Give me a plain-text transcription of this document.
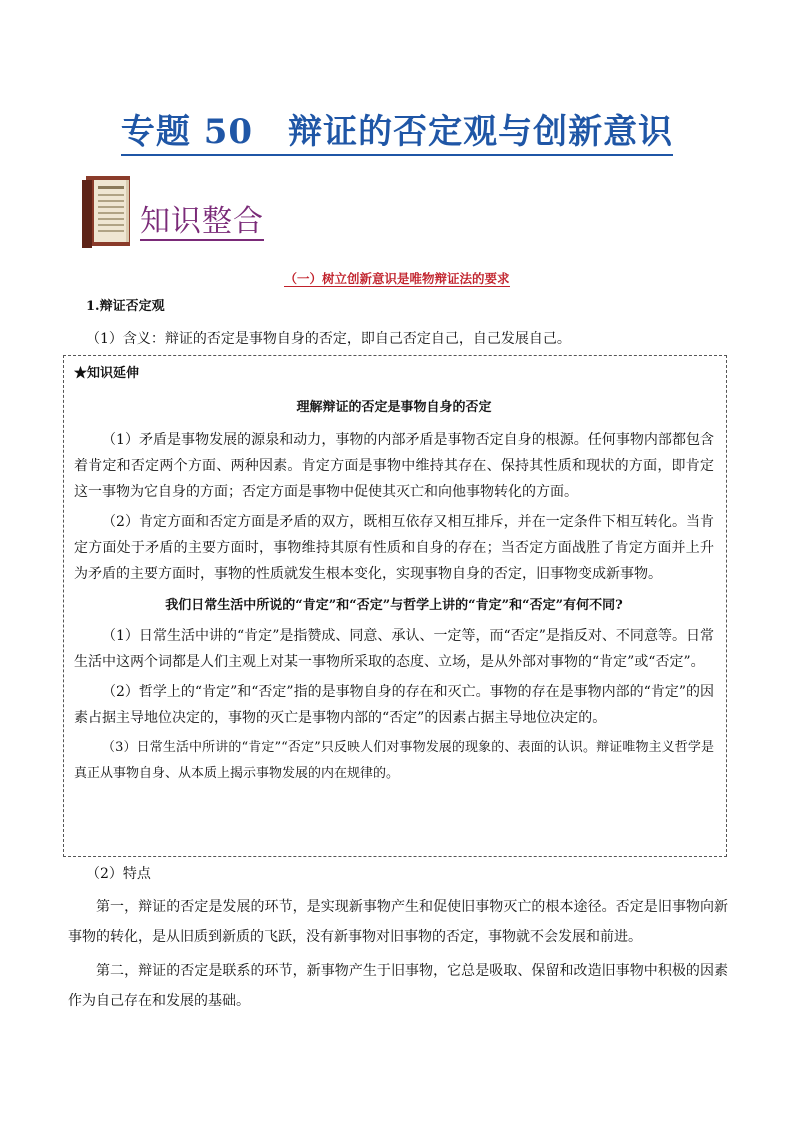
专题 50　辩证的否定观与创新意识
知识整合
（一）树立创新意识是唯物辩证法的要求
1.辩证否定观
（1）含义：辩证的否定是事物自身的否定，即自己否定自己，自己发展自己。

★知识延伸

理解辩证的否定是事物自身的否定

（1）矛盾是事物发展的源泉和动力，事物的内部矛盾是事物否定自身的根源。任何事物内部都包含着肯定和否定两个方面、两种因素。肯定方面是事物中维持其存在、保持其性质和现状的方面，即肯定这一事物为它自身的方面；否定方面是事物中促使其灭亡和向他事物转化的方面。

（2）肯定方面和否定方面是矛盾的双方，既相互依存又相互排斥，并在一定条件下相互转化。当肯定方面处于矛盾的主要方面时，事物维持其原有性质和自身的存在；当否定方面战胜了肯定方面并上升为矛盾的主要方面时，事物的性质就发生根本变化，实现事物自身的否定，旧事物变成新事物。

我们日常生活中所说的“肯定”和“否定”与哲学上讲的“肯定”和“否定”有何不同?

（1）日常生活中讲的“肯定”是指赞成、同意、承认、一定等，而“否定”是指反对、不同意等。日常生活中这两个词都是人们主观上对某一事物所采取的态度、立场，是从外部对事物的“肯定”或“否定”。

（2）哲学上的“肯定”和“否定”指的是事物自身的存在和灭亡。事物的存在是事物内部的“肯定”的因素占据主导地位决定的，事物的灭亡是事物内部的“否定”的因素占据主导地位决定的。

（3）日常生活中所讲的“肯定”“否定”只反映人们对事物发展的现象的、表面的认识。辩证唯物主义哲学是真正从事物自身、从本质上揭示事物发展的内在规律的。

（2）特点
第一，辩证的否定是发展的环节，是实现新事物产生和促使旧事物灭亡的根本途径。否定是旧事物向新事物的转化，是从旧质到新质的飞跃，没有新事物对旧事物的否定，事物就不会发展和前进。
第二，辩证的否定是联系的环节，新事物产生于旧事物，它总是吸取、保留和改造旧事物中积极的因素作为自己存在和发展的基础。
